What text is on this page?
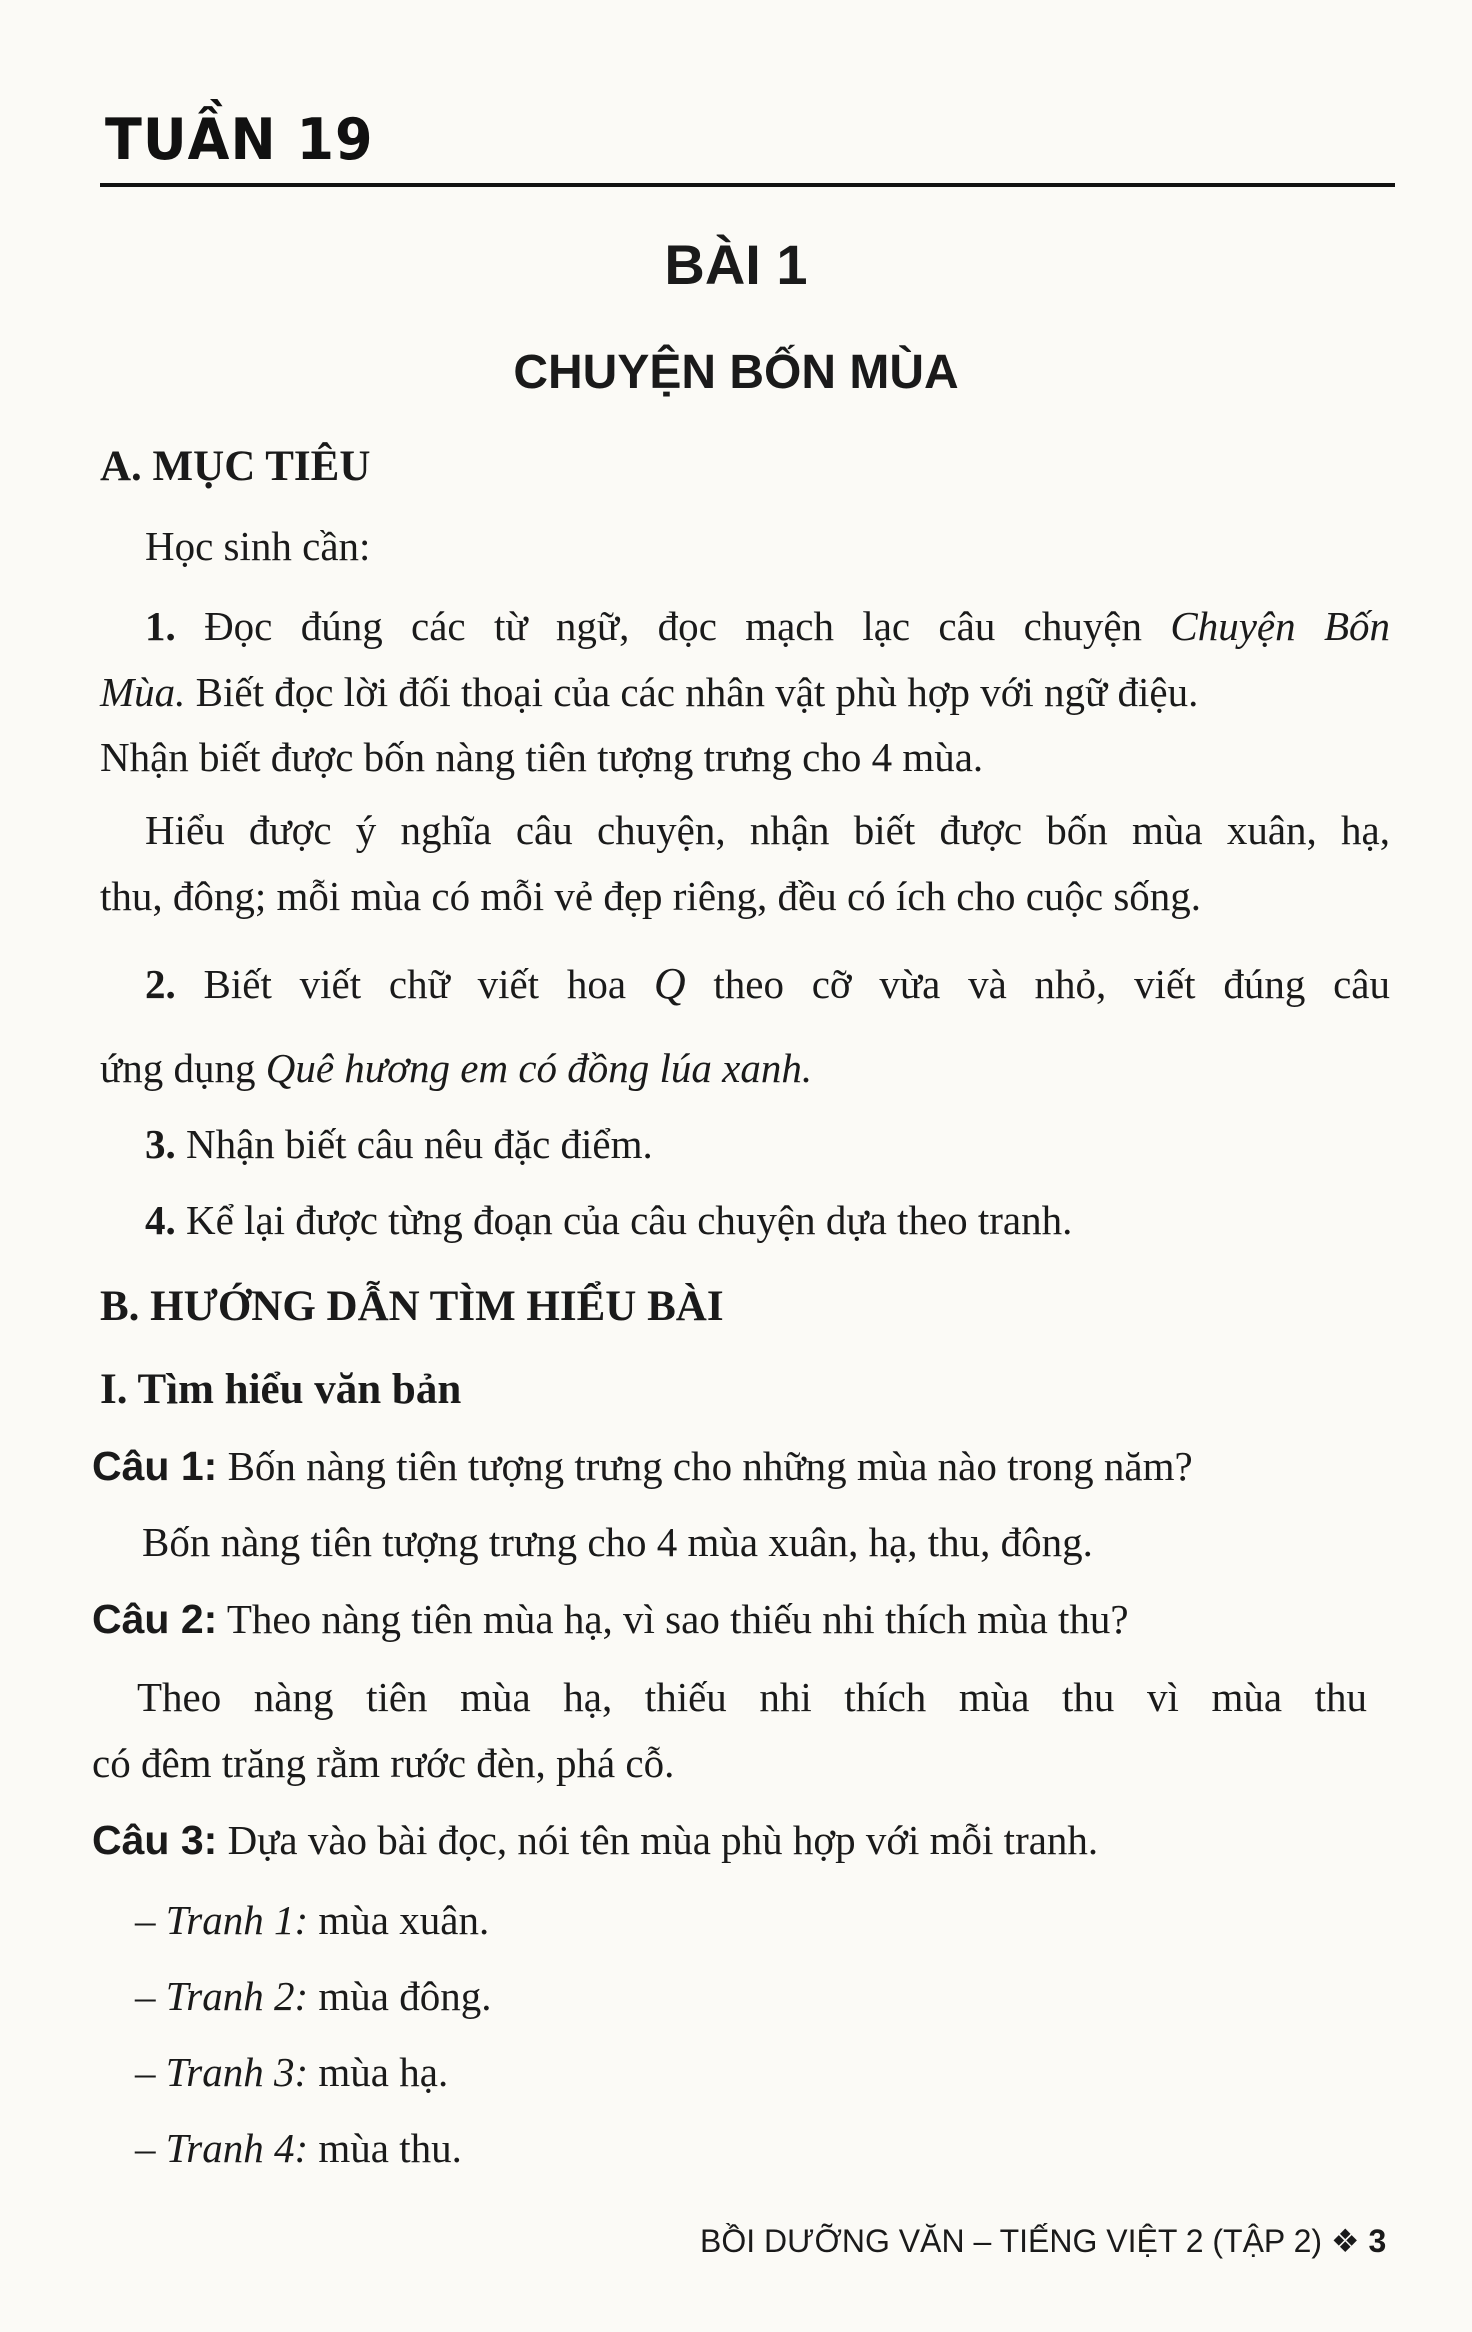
TUẦN 19
BÀI 1
CHUYỆN BỐN MÙA
A. MỤC TIÊU
Học sinh cần:
1. Đọc đúng các từ ngữ, đọc mạch lạc câu chuyện Chuyện Bốn
Mùa. Biết đọc lời đối thoại của các nhân vật phù hợp với ngữ điệu.
Nhận biết được bốn nàng tiên tượng trưng cho 4 mùa.
Hiểu được ý nghĩa câu chuyện, nhận biết được bốn mùa xuân, hạ,
thu, đông; mỗi mùa có mỗi vẻ đẹp riêng, đều có ích cho cuộc sống.
2. Biết viết chữ viết hoa Q theo cỡ vừa và nhỏ, viết đúng câu
ứng dụng Quê hương em có đồng lúa xanh.
3. Nhận biết câu nêu đặc điểm.
4. Kể lại được từng đoạn của câu chuyện dựa theo tranh.
B. HƯỚNG DẪN TÌM HIỂU BÀI
I. Tìm hiểu văn bản
Câu 1: Bốn nàng tiên tượng trưng cho những mùa nào trong năm?
Bốn nàng tiên tượng trưng cho 4 mùa xuân, hạ, thu, đông.
Câu 2: Theo nàng tiên mùa hạ, vì sao thiếu nhi thích mùa thu?
Theo nàng tiên mùa hạ, thiếu nhi thích mùa thu vì mùa thu
có đêm trăng rằm rước đèn, phá cỗ.
Câu 3: Dựa vào bài đọc, nói tên mùa phù hợp với mỗi tranh.
– Tranh 1: mùa xuân.
– Tranh 2: mùa đông.
– Tranh 3: mùa hạ.
– Tranh 4: mùa thu.
BỒI DƯỠNG VĂN – TIẾNG VIỆT 2 (TẬP 2) ❖ 3
